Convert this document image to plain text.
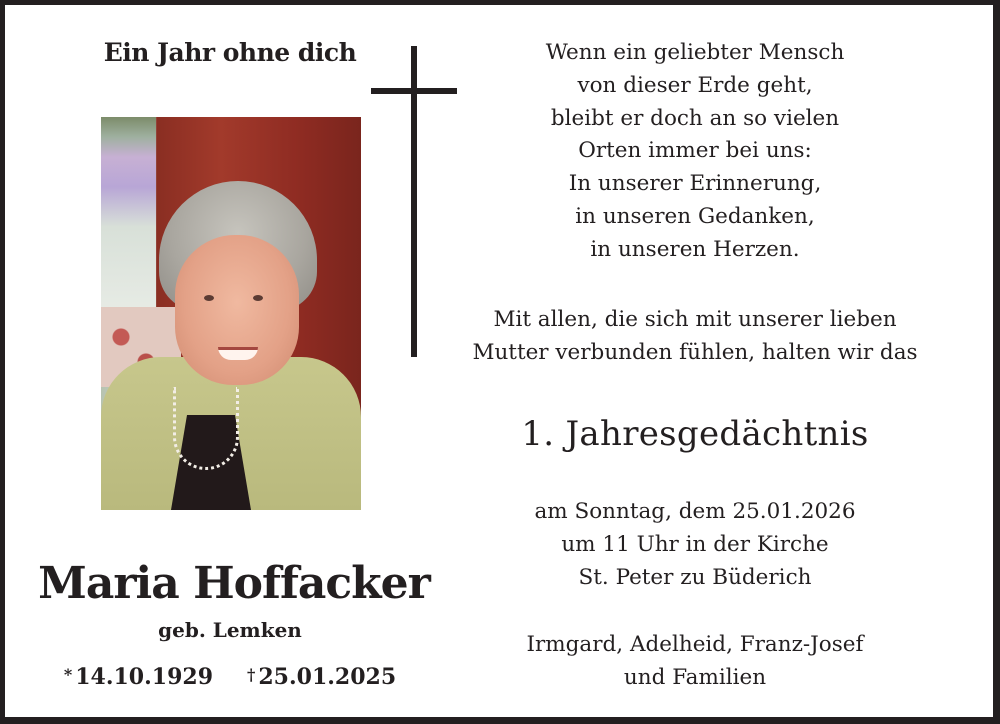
Ein Jahr ohne dich
Maria Hoffacker
geb. Lemken
* 14.10.1929 † 25.01.2025
Wenn ein geliebter Mensch
von dieser Erde geht,
bleibt er doch an so vielen
Orten immer bei uns:
In unserer Erinnerung,
in unseren Gedanken,
in unseren Herzen.
Mit allen, die sich mit unserer lieben
Mutter verbunden fühlen, halten wir das
1. Jahresgedächtnis
am Sonntag, dem 25.01.2026
um 11 Uhr in der Kirche
St. Peter zu Büderich
Irmgard, Adelheid, Franz-Josef
und Familien
